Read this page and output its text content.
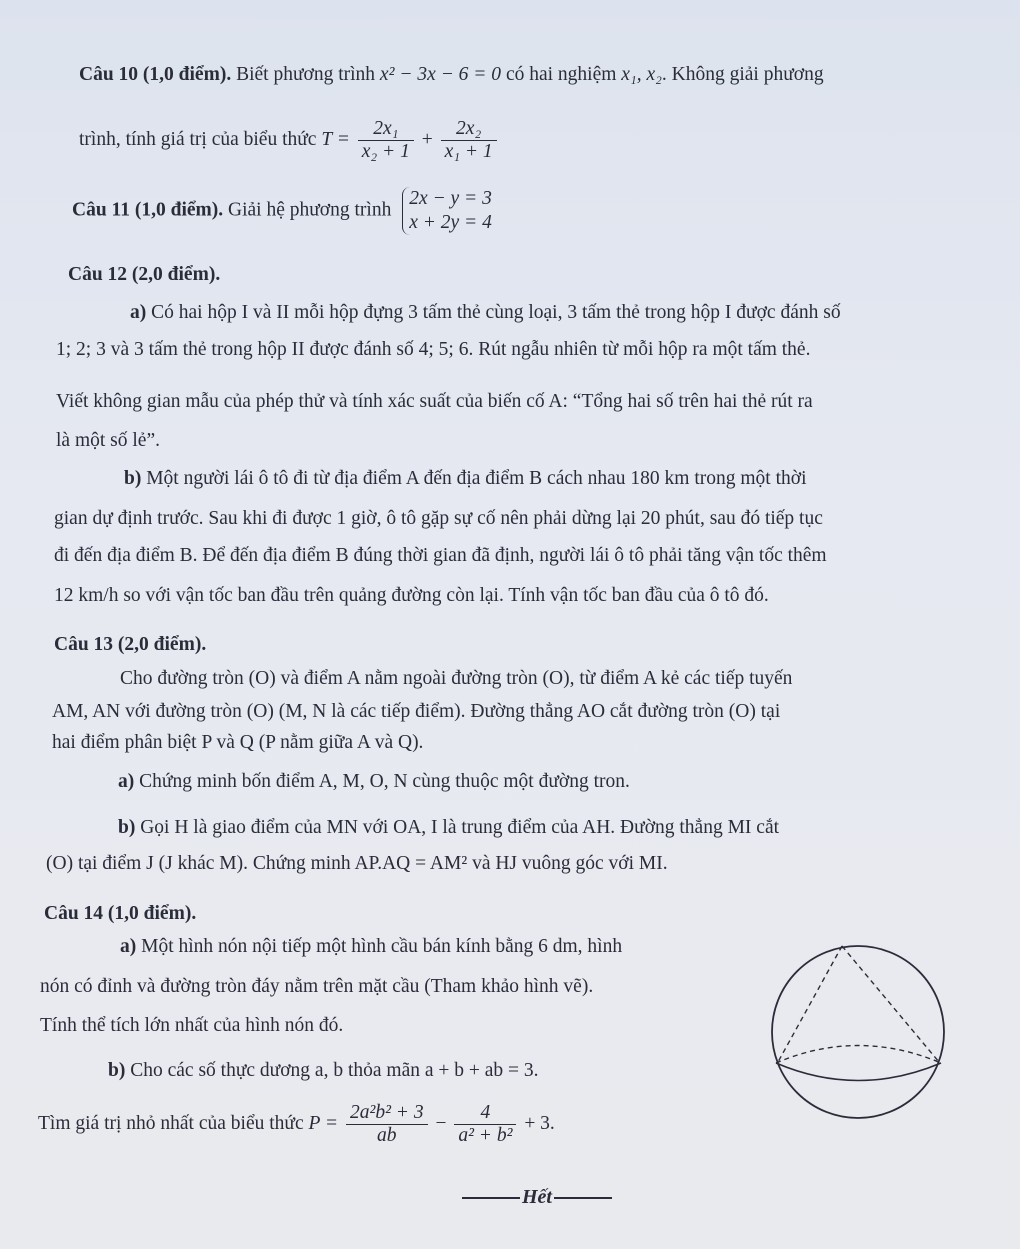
Câu 10 (1,0 điểm). Biết phương trình x² − 3x − 6 = 0 có hai nghiệm x₁, x₂. Không giải phương
trình, tính giá trị của biểu thức $T = \frac{\text{2x₁}}{\text{x₂ + 1}} + \frac{\text{2x₂}}{\text{x₁ + 1}}$
Câu 11 (1,0 điểm). Giải hệ phương trình
2x − y = 3
x + 2y = 4
Câu 12 (2,0 điểm).
a) Có hai hộp I và II mỗi hộp đựng 3 tấm thẻ cùng loại, 3 tấm thẻ trong hộp I được đánh số
1; 2; 3 và 3 tấm thẻ trong hộp II được đánh số 4; 5; 6. Rút ngẫu nhiên từ mỗi hộp ra một tấm thẻ.
Viết không gian mẫu của phép thử và tính xác suất của biến cố A: “Tổng hai số trên hai thẻ rút ra
là một số lẻ”.
b) Một người lái ô tô đi từ địa điểm A đến địa điểm B cách nhau 180 km trong một thời
gian dự định trước. Sau khi đi được 1 giờ, ô tô gặp sự cố nên phải dừng lại 20 phút, sau đó tiếp tục
đi đến địa điểm B. Để đến địa điểm B đúng thời gian đã định, người lái ô tô phải tăng vận tốc thêm
12 km/h so với vận tốc ban đầu trên quảng đường còn lại. Tính vận tốc ban đầu của ô tô đó.
Câu 13 (2,0 điểm).
Cho đường tròn (O) và điểm A nằm ngoài đường tròn (O), từ điểm A kẻ các tiếp tuyến
AM, AN với đường tròn (O) (M, N là các tiếp điểm). Đường thẳng AO cắt đường tròn (O) tại
hai điểm phân biệt P và Q (P nằm giữa A và Q).
a) Chứng minh bốn điểm A, M, O, N cùng thuộc một đường tron.
b) Gọi H là giao điểm của MN với OA, I là trung điểm của AH. Đường thẳng MI cắt
(O) tại điểm J (J khác M). Chứng minh AP.AQ = AM² và HJ vuông góc với MI.
Câu 14 (1,0 điểm).
a) Một hình nón nội tiếp một hình cầu bán kính bằng 6 dm, hình
nón có đỉnh và đường tròn đáy nằm trên mặt cầu (Tham khảo hình vẽ).
Tính thể tích lớn nhất của hình nón đó.
b) Cho các số thực dương a, b thỏa mãn a + b + ab = 3.
Tìm giá trị nhỏ nhất của biểu thức $P = \frac{\text{2a²b² + 3}}{ab} - \frac{4}{\text{a² + b²}} + 3$.
Hết
